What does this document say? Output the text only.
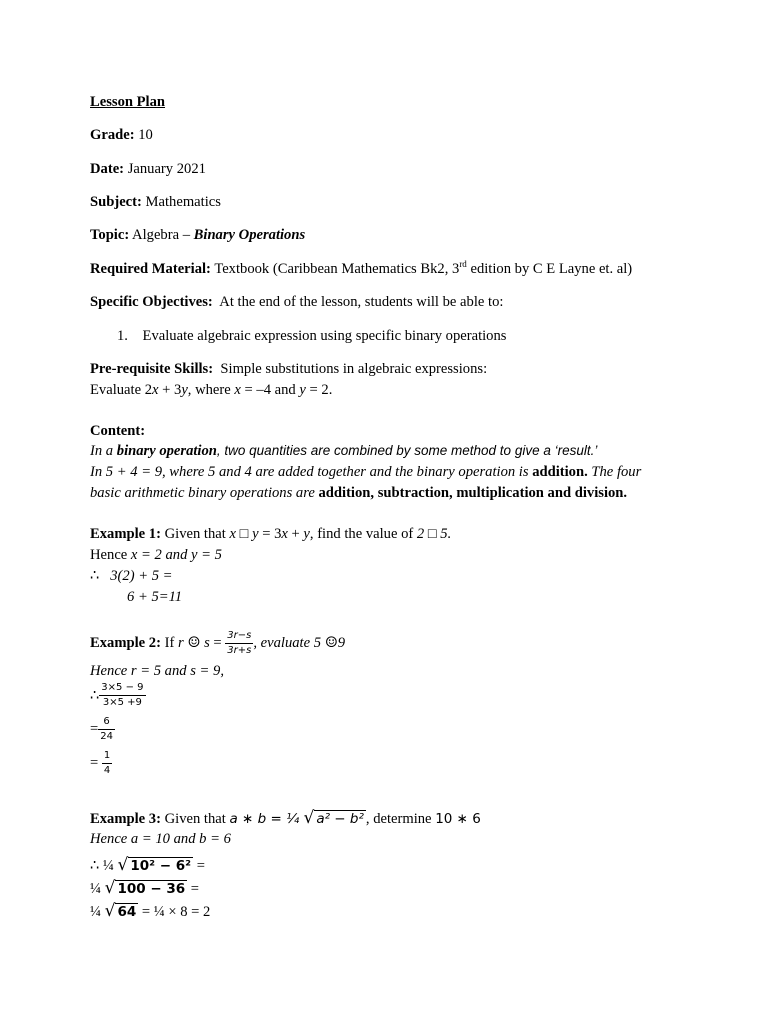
Lesson Plan
Grade: 10
Date: January 2021
Subject: Mathematics
Topic: Algebra – Binary Operations
Required Material: Textbook (Caribbean Mathematics Bk2, 3rd edition by C E Layne et. al)
Specific Objectives: At the end of the lesson, students will be able to:
1. Evaluate algebraic expression using specific binary operations
Pre-requisite Skills: Simple substitutions in algebraic expressions:
Evaluate 2x + 3y, where x = –4 and y = 2.
Content:
In a binary operation, two quantities are combined by some method to give a ‘result.’
In 5 + 4 = 9, where 5 and 4 are added together and the binary operation is addition. The four
basic arithmetic binary operations are addition, subtraction, multiplication and division.
Example 1: Given that x □ y = 3x + y, find the value of 2 □ 5.
Hence x = 2 and y = 5
∴ 3(2) + 5 =
6 + 5=11
Example 2: If r ☺ $s = \frac{3r-s}{3r+s}$ , evaluate 5 ☺9
Hence r = 5 and s = 9,
∴ $\frac{3\times 5 - 9}{3\times 5 +9}$
= $\frac{6}{24}$
=
$\frac{1}{4}$
Example 3: Given that a ∗ b = ¼ √ a² − b² , determine 10 ∗ 6
Hence a = 10 and b = 6
∴ ¼ √ 10² − 6² =
¼ √ 100 − 36 =
¼ √ 64 = ¼ × 8 = 2
